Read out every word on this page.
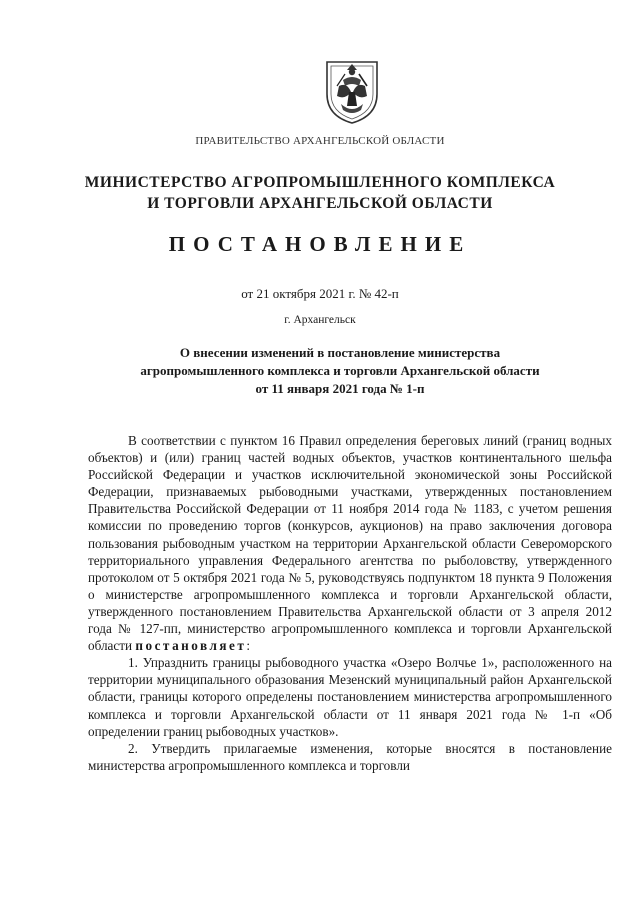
ПРАВИТЕЛЬСТВО АРХАНГЕЛЬСКОЙ ОБЛАСТИ
МИНИСТЕРСТВО АГРОПРОМЫШЛЕННОГО КОМПЛЕКСА
И ТОРГОВЛИ АРХАНГЕЛЬСКОЙ ОБЛАСТИ
ПОСТАНОВЛЕНИЕ
от 21 октября 2021 г. № 42-п
г. Архангельск
О внесении изменений в постановление министерства
агропромышленного комплекса и торговли Архангельской области
от 11 января 2021 года № 1-п

В соответствии с пунктом 16 Правил определения береговых линий (границ водных объектов) и (или) границ частей водных объектов, участков континентального шельфа Российской Федерации и участков исключительной экономической зоны Российской Федерации, признаваемых рыбоводными участками, утвержденных постановлением Правительства Российской Федерации от 11 ноября 2014 года № 1183, с учетом решения комиссии по проведению торгов (конкурсов, аукционов) на право заключения договора пользования рыбоводным участком на территории Архангельской области Североморского территориального управления Федерального агентства по рыболовству, утвержденного протоколом от 5 октября 2021 года № 5, руководствуясь подпунктом 18 пункта 9 Положения о министерстве агропромышленного комплекса и торговли Архангельской области, утвержденного постановлением Правительства Архангельской области от 3 апреля 2012 года № 127-пп, министерство агропромышленного комплекса и торговли Архангельской области постановляет:

1. Упразднить границы рыбоводного участка «Озеро Волчье 1», расположенного на территории муниципального образования Мезенский муниципальный район Архангельской области, границы которого определены постановлением министерства агропромышленного комплекса и торговли Архангельской области от 11 января 2021 года № 1-п «Об определении границ рыбоводных участков».

2. Утвердить прилагаемые изменения, которые вносятся в постановление министерства агропромышленного комплекса и торговли
